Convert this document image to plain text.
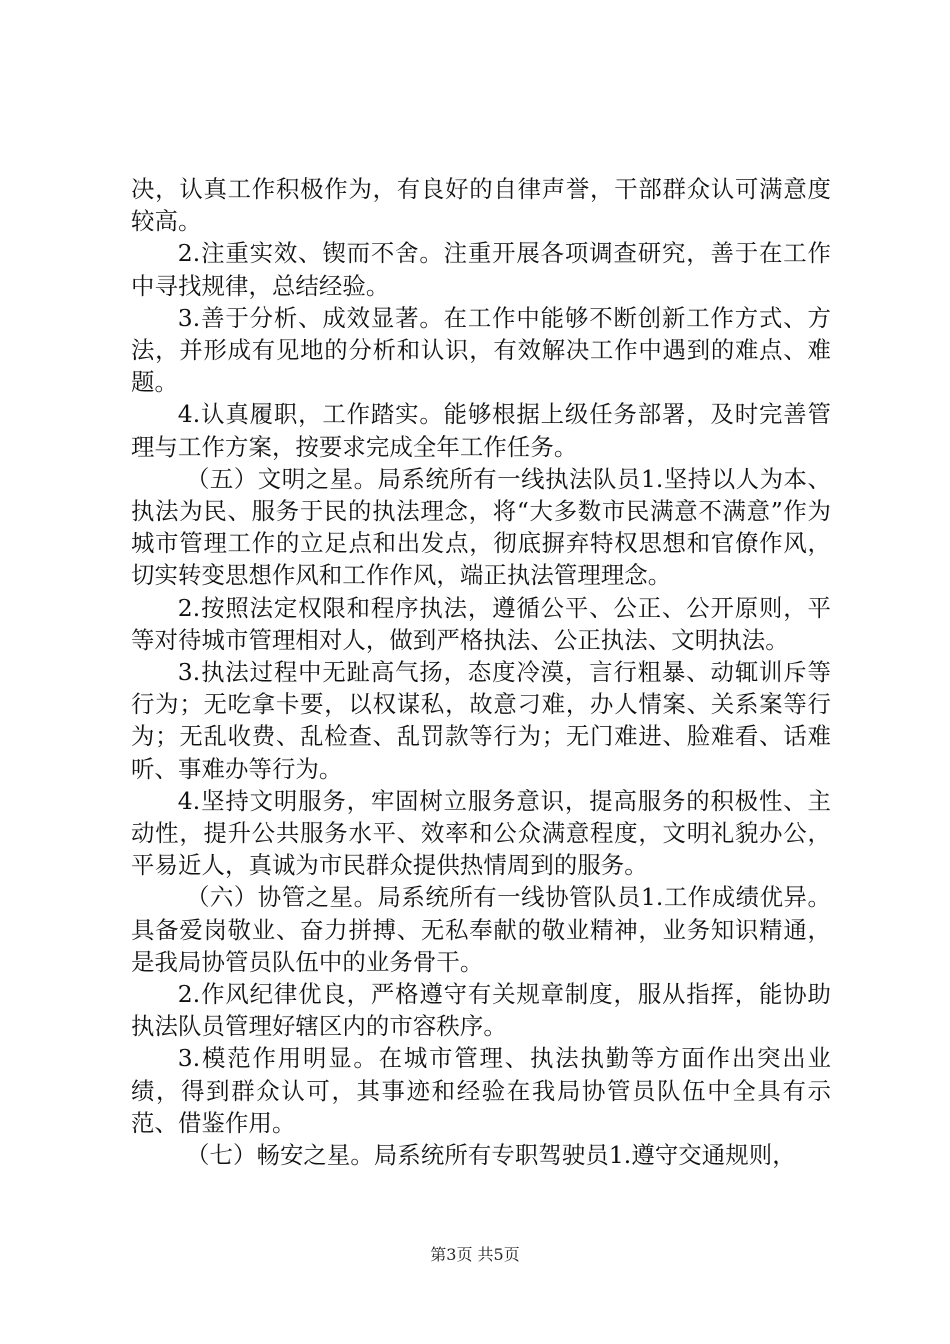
决，认真工作积极作为，有良好的自律声誉，干部群众认可满意度较高。

2.注重实效、锲而不舍。注重开展各项调查研究，善于在工作中寻找规律，总结经验。

3.善于分析、成效显著。在工作中能够不断创新工作方式、方法，并形成有见地的分析和认识，有效解决工作中遇到的难点、难题。

4.认真履职，工作踏实。能够根据上级任务部署，及时完善管理与工作方案，按要求完成全年工作任务。

（五）文明之星。局系统所有一线执法队员1.坚持以人为本、执法为民、服务于民的执法理念，将“大多数市民满意不满意”作为城市管理工作的立足点和出发点，彻底摒弃特权思想和官僚作风，切实转变思想作风和工作作风，端正执法管理理念。

2.按照法定权限和程序执法，遵循公平、公正、公开原则，平等对待城市管理相对人，做到严格执法、公正执法、文明执法。

3.执法过程中无趾高气扬，态度冷漠，言行粗暴、动辄训斥等行为；无吃拿卡要，以权谋私，故意刁难，办人情案、关系案等行为；无乱收费、乱检查、乱罚款等行为；无门难进、脸难看、话难听、事难办等行为。

4.坚持文明服务，牢固树立服务意识，提高服务的积极性、主动性，提升公共服务水平、效率和公众满意程度，文明礼貌办公，平易近人，真诚为市民群众提供热情周到的服务。

（六）协管之星。局系统所有一线协管队员1.工作成绩优异。具备爱岗敬业、奋力拼搏、无私奉献的敬业精神，业务知识精通，是我局协管员队伍中的业务骨干。

2.作风纪律优良，严格遵守有关规章制度，服从指挥，能协助执法队员管理好辖区内的市容秩序。

3.模范作用明显。在城市管理、执法执勤等方面作出突出业绩，得到群众认可，其事迹和经验在我局协管员队伍中全具有示范、借鉴作用。

（七）畅安之星。局系统所有专职驾驶员1.遵守交通规则，

第3页 共5页
